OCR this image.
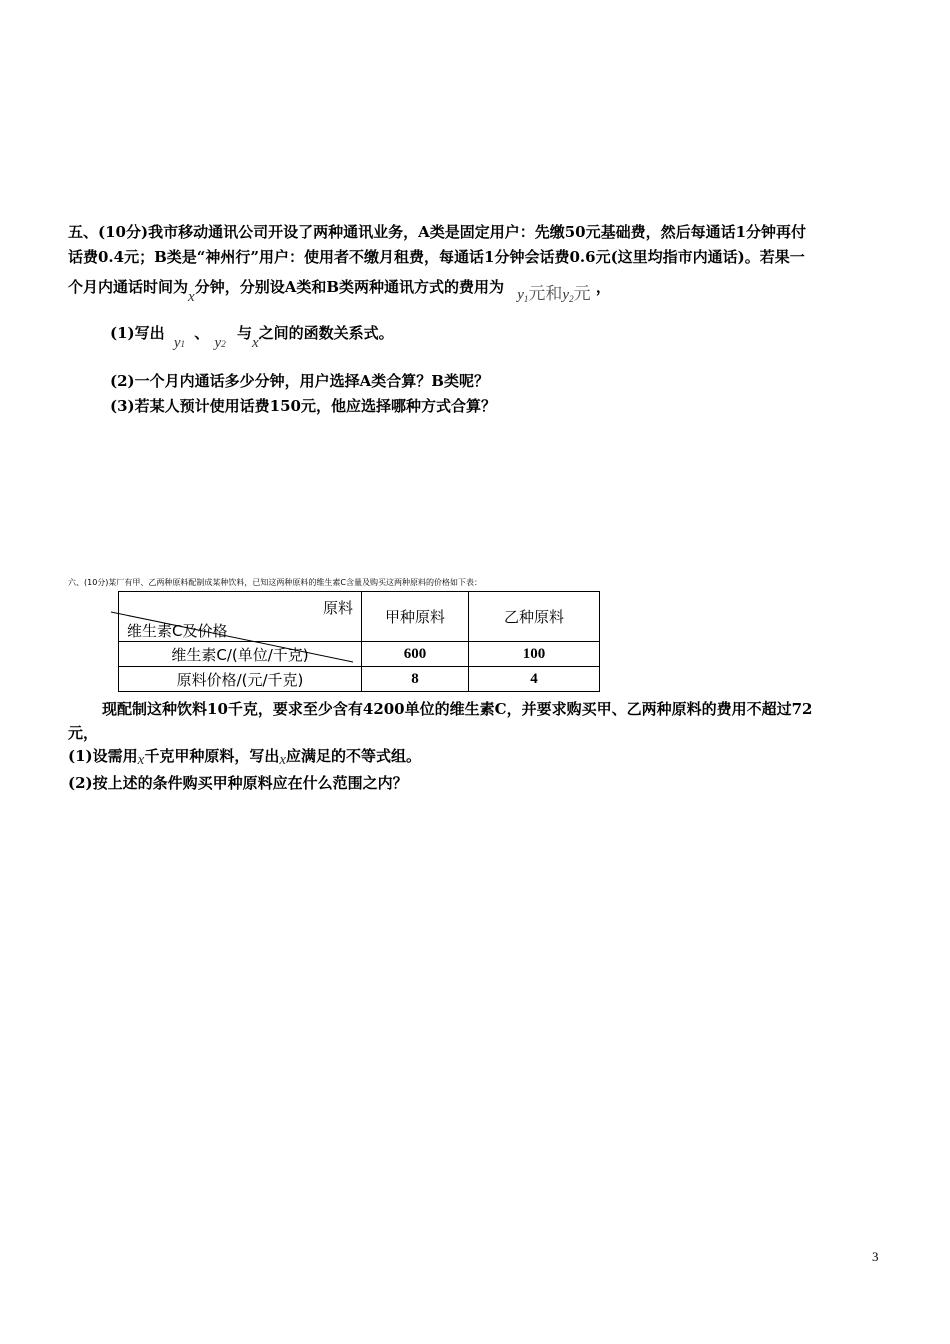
五、(10分)我市移动通讯公司开设了两种通讯业务，A类是固定用户：先缴50元基础费，然后每通话1分钟再付
话费0.4元；B类是“神州行”用户：使用者不缴月租费，每通话1分钟会话费0.6元(这里均指市内通话)。若果一
个月内通话时间为x分钟，分别设A类和B类两种通讯方式的费用为 $y_1$元和$y_2$元 ，
(1)写出 y1 、 y2 与x之间的函数关系式。
(2)一个月内通话多少分钟，用户选择A类合算？B类呢？
(3)若某人预计使用话费150元，他应选择哪种方式合算？
六、(10分)某厂有甲、乙两种原料配制成某种饮料，已知这两种原料的维生素C含量及购买这两种原料的价格如下表：
原料
维生素C及价格	甲种原料	乙种原料
维生素C/(单位/千克)	600	100
原料价格/(元/千克)	8	4
现配制这种饮料10千克，要求至少含有4200单位的维生素C，并要求购买甲、乙两种原料的费用不超过72
元，
(1)设需用x千克甲种原料，写出x应满足的不等式组。
(2)按上述的条件购买甲种原料应在什么范围之内？
3
